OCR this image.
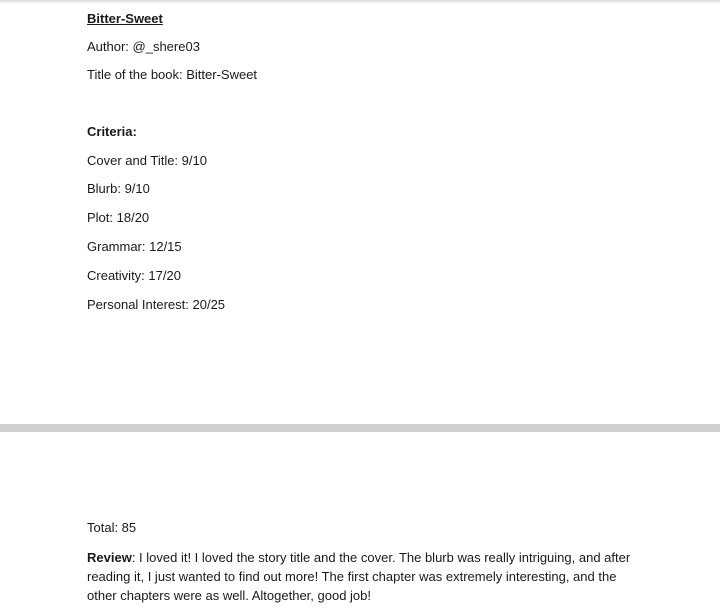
Bitter-Sweet
Author: @_shere03
Title of the book: Bitter-Sweet
Criteria:
Cover and Title: 9/10
Blurb: 9/10
Plot: 18/20
Grammar: 12/15
Creativity: 17/20
Personal Interest: 20/25
Total: 85
Review: I loved it! I loved the story title and the cover. The blurb was really intriguing, and after reading it, I just wanted to find out more! The first chapter was extremely interesting, and the other chapters were as well. Altogether, good job!
